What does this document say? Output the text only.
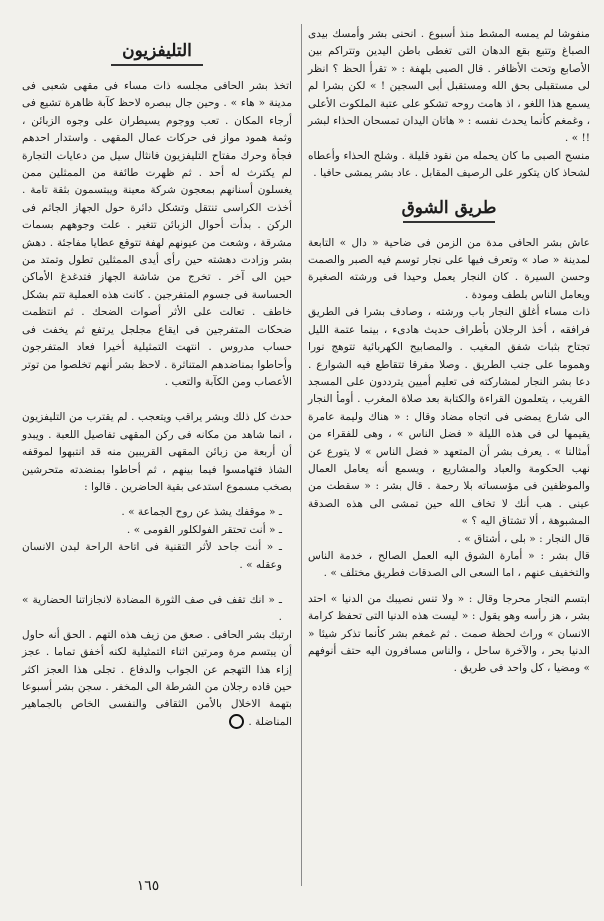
منفوشا لم يمسه المشط منذ أسبوع . انحنى بشر وأمسك بيدى الصباغ وتتبع بقع الدهان التى تغطى باطن اليدين وتتراكم بين الأصابع وتحت الأظافر . قال الصبى بلهفة : « تقرأ الحظ ؟ انظر لى مستقبلى بحق الله ومستقبل أبى السجين ! » لكن بشرا لم يسمع هذا اللغو ، اذ هامت روحه تشكو على عتبة الملكوت الأعلى ، وغمغم كأنما يحدث نفسه : « هاتان اليدان تمسحان الحذاء لبشر !! » .

منسح الصبى ما كان يحمله من نقود قليلة . وشلح الحذاء وأعطاه لشحاذ كان يتكور على الرصيف المقابل . عاد بشر يمشى حافيا .

طريق الشوق

عاش بشر الحافى مدة من الزمن فى ضاحية « دال » التابعة لمدينة « صاد » وتعرف فيها على نجار توسم فيه الصبر والصمت وحسن السيرة . كان النجار يعمل وحيدا فى ورشته الصغيرة ويعامل الناس بلطف ومودة .

ذات مساء أغلق النجار باب ورشته ، وصادف بشرا فى الطريق فرافقه ، أخذ الرجلان بأطراف حديث هادىء ، بينما عتمة الليل تجتاح بثبات شفق المغيب . والمصابيح الكهربائية تتوهج نورا وهموما على جنب الطريق . وصلا مفرقا تتقاطع فيه الشوارع . دعا بشر النجار لمشاركته فى تعليم أميين يترددون على المسجد القريب ، يتعلمون القراءة والكتابة بعد صلاة المغرب . أومأ النجار الى شارع يمضى فى اتجاه مضاد وقال : « هناك وليمة عامرة يقيمها لى فى هذه الليلة « فضل الناس » ، وهى للفقراء من أمثالنا » . يعرف بشر أن المتعهد « فضل الناس » لا يتورع عن نهب الحكومة والعباد والمشاريع ، ويسمع أنه يعامل العمال والموظفين فى مؤسساته بلا رحمة . قال بشر : « سقطت من عينى . هب أنك لا تخاف الله حين تمشى الى هذه الصدقة المشبوهة ، ألا تشتاق اليه ؟ »

قال النجار : « بلى ، أشتاق » .

قال بشر : « أمارة الشوق اليه العمل الصالح ، خدمة الناس والتخفيف عنهم ، اما السعى الى الصدقات فطريق مختلف » .

ابتسم النجار محرجا وقال : « ولا تنس نصيبك من الدنيا » احتد بشر ، هز رأسه وهو يقول : « ليست هذه الدنيا التى تحفظ كرامة الانسان » وراث لحظة صمت . ثم غمغم بشر كأنما تذكر شيئا « الدنيا بحر ، والآخرة ساحل ، والناس مسافرون اليه حتف أنوفهم » ومضيا ، كل واحد فى طريق .

التليفزيون

اتخذ بشر الحافى مجلسه ذات مساء فى مقهى شعبى فى مدينة « هاء » . وحين جال ببصره لاحظ كآبة ظاهرة تشيع فى أرجاء المكان . تعب ووجوم يسيطران على وجوه الزبائن ، وثمة همود مواز فى حركات عمال المقهى . واستدار احدهم فجأة وحرك مفتاح التليفزيون فانثال سيل من دعايات التجارة لم يكترث له أحد . ثم ظهرت طائفة من الممثلين ممن يغسلون أسنانهم بمعجون شركة معينة ويبتسمون بثقة تامة . أخذت الكراسى تنتقل وتشكل دائرة حول الجهاز الجاثم فى الركن . بدأت أحوال الزبائن تتغير . علت وجوههم بسمات مشرقة ، وشعت من عيونهم لهفة تتوقع عطايا مفاجئة . دهش بشر وزادت دهشته حين رأى أيدى الممثلين تطول وتمتد من حين الى آخر . تخرج من شاشة الجهاز فتدغدغ الأماكن الحساسة فى جسوم المتفرجين . كانت هذه العملية تتم بشكل خاطف . تعالت على الأثر أصوات الضحك . ثم انتظمت ضحكات المتفرجين فى ايقاع مجلجل يرتفع ثم يخفت فى حساب مدروس . انتهت التمثيلية أخيرا فعاد المتفرجون وأحاطوا بمناضدهم المتناثرة . لاحظ بشر أنهم تخلصوا من توتر الأعصاب ومن الكآبة والتعب .

حدث كل ذلك وبشر يراقب ويتعجب . لم يقترب من التليفزيون ، انما شاهد من مكانه فى ركن المقهى تفاصيل اللعبة . ويبدو أن أربعة من زبائن المقهى القريبين منه قد انتبهوا لموقفه الشاذ فتهامسوا فيما بينهم ، ثم أحاطوا بمنضدته متحرشين بصخب مسموع استدعى بقية الحاضرين . قالوا :

ـ « موقفك يشذ عن روح الجماعة » .

ـ « أنت تحتقر الفولكلور القومى » .

ـ « أنت جاحد لأثر التقنية فى اتاحة الراحة لبدن الانسان وعقله » .

ـ « انك تقف فى صف الثورة المضادة لانجازاتنا الحضارية » .

ارتبك بشر الحافى . صعق من زيف هذه التهم . الحق أنه حاول أن يبتسم مرة ومرتين اثناء التمثيلية لكنه أخفق تماما . عجز إزاء هذا التهجم عن الجواب والدفاع . تجلى هذا العجز اكثر حين قاده رجلان من الشرطة الى المخفر . سجن بشر أسبوعا بتهمة الاخلال بالأمن الثقافى والنفسى الخاص بالجماهير المناضلة .

١٦٥
